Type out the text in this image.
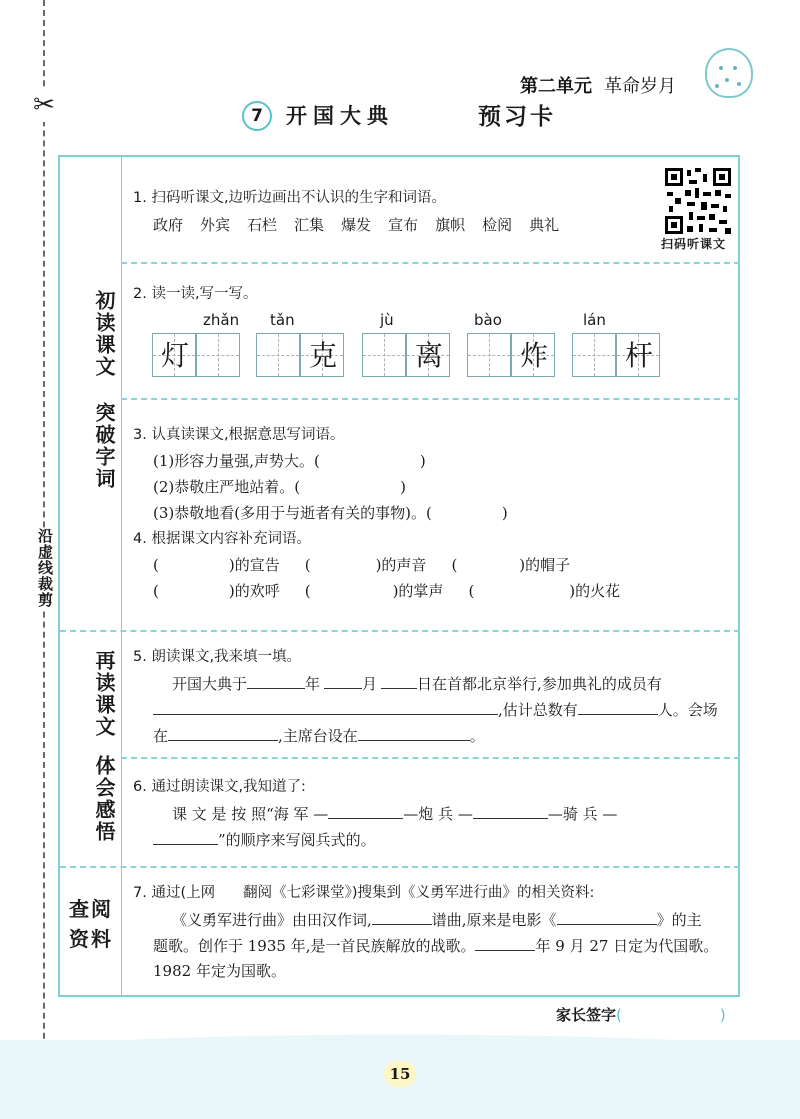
✂
沿虚线裁剪
第二单元 革命岁月
7	开国大典	预习卡
初读课文
突破字词
再读课文
体会感悟
查阅资料
1. 扫码听课文,边听边画出不认识的生字和词语。
政府 外宾 石栏 汇集 爆发 宣布 旗帜 检阅 典礼
扫码听课文
2. 读一读,写一写。
zhǎn tǎn	jù	bào	lán
灯	克	离	炸	杆
3. 认真读课文,根据意思写词语。
(1)形容力量强,声势大。(	)
(2)恭敬庄严地站着。(	)
(3)恭敬地看(多用于与逝者有关的事物)。(	)
4. 根据课文内容补充词语。
(	)的宣告 (	)的声音 (	)的帽子
(	)的欢呼 (	)的掌声 (	)的火花
5. 朗读课文,我来填一填。
开国大典于	年	月	日在首都北京举行,参加典礼的成员有
,估计总数有	人。会场
在	,主席台设在	。
6. 通过朗读课文,我知道了:
课 文 是 按 照“海 军 —	—炮 兵 —	—骑 兵 —
”的顺序来写阅兵式的。
7. 通过(上网 翻阅《七彩课堂》)搜集到《义勇军进行曲》的相关资料:
《义勇军进行曲》由田汉作词,	谱曲,原来是电影《	》的主
题歌。创作于 1935 年,是一首民族解放的战歌。	年 9 月 27 日定为代国歌。
1982 年定为国歌。
家长签字(	)
15
